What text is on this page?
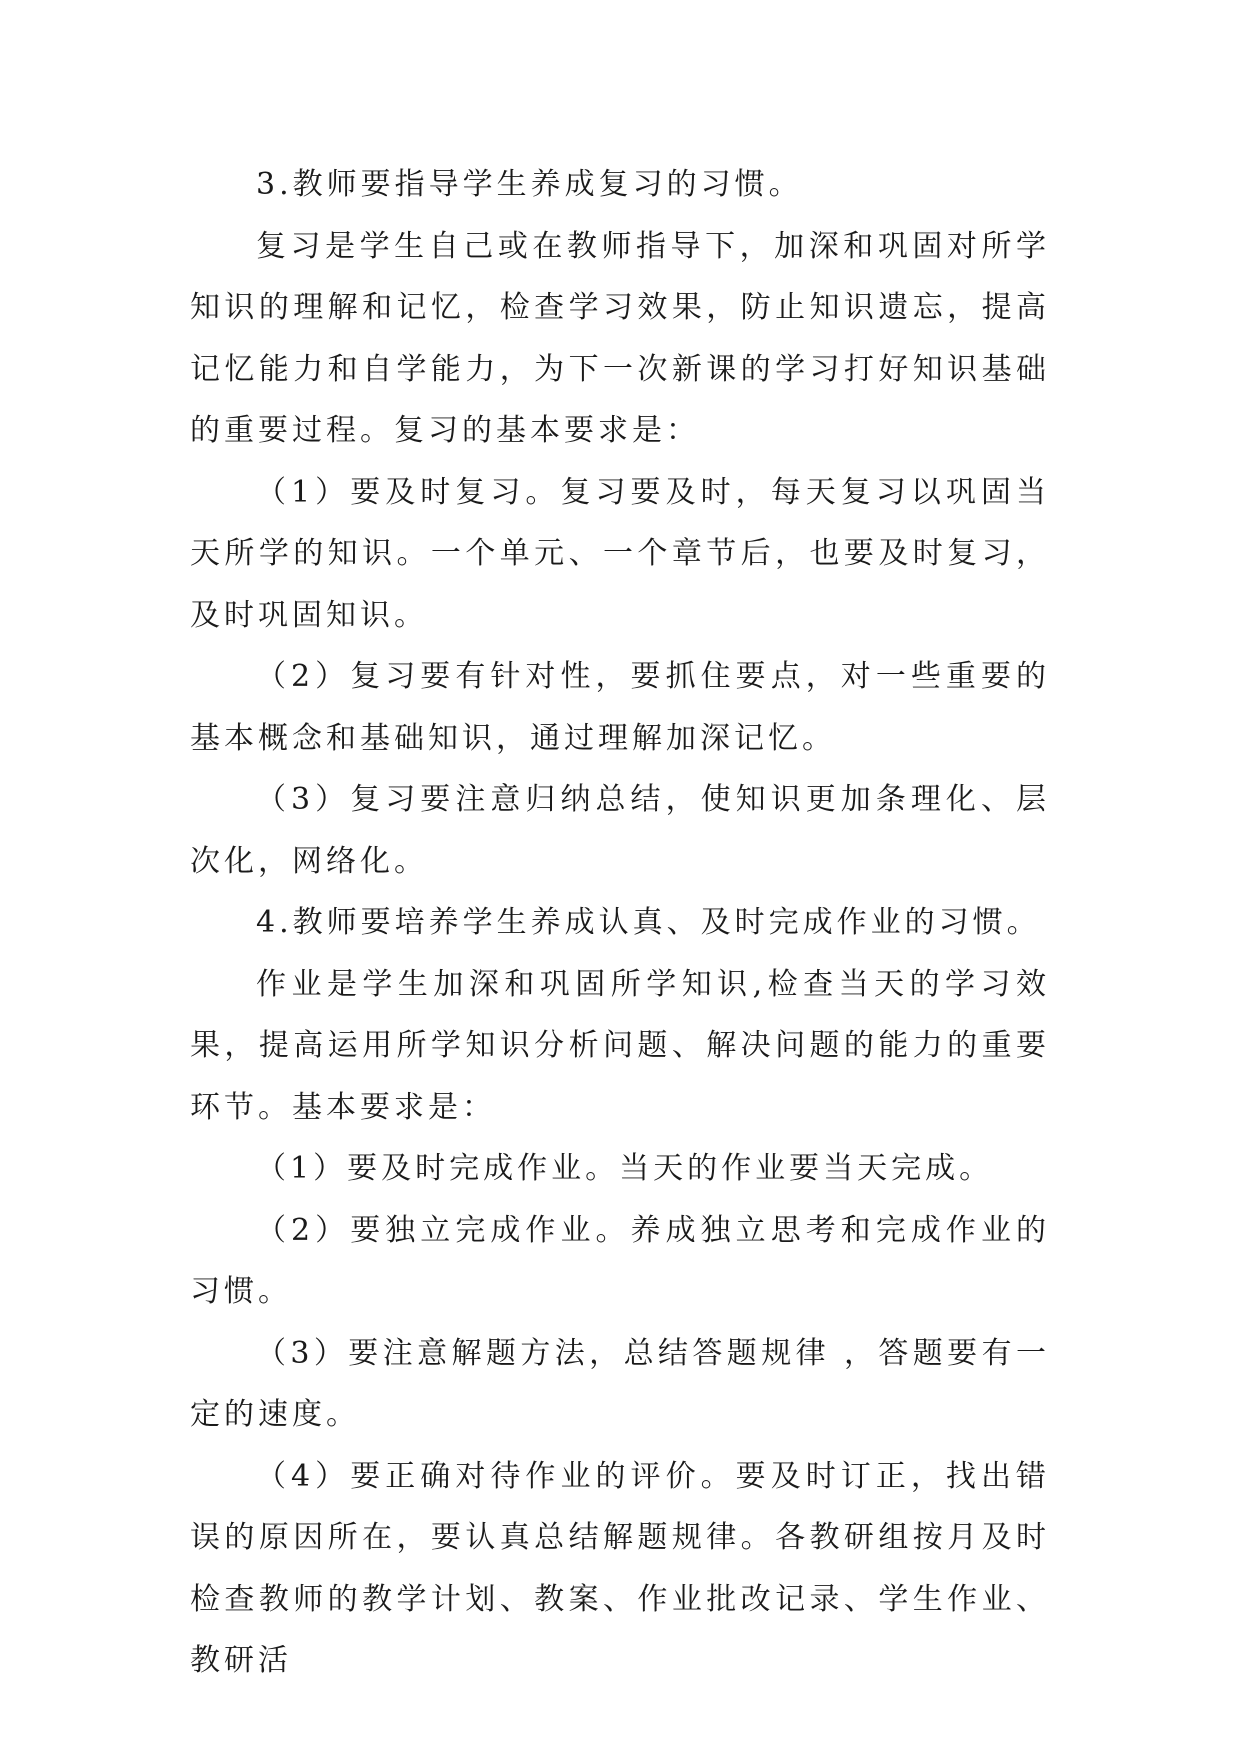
3.教师要指导学生养成复习的习惯。

复习是学生自己或在教师指导下，加深和巩固对所学知识的理解和记忆，检查学习效果，防止知识遗忘，提高记忆能力和自学能力，为下一次新课的学习打好知识基础的重要过程。复习的基本要求是：

（1）要及时复习。复习要及时，每天复习以巩固当天所学的知识。一个单元、一个章节后，也要及时复习，及时巩固知识。

（2）复习要有针对性，要抓住要点，对一些重要的基本概念和基础知识，通过理解加深记忆。

（3）复习要注意归纳总结，使知识更加条理化、层次化，网络化。

4.教师要培养学生养成认真、及时完成作业的习惯。

作业是学生加深和巩固所学知识,检查当天的学习效果，提高运用所学知识分析问题、解决问题的能力的重要环节。基本要求是：

（1）要及时完成作业。当天的作业要当天完成。

（2）要独立完成作业。养成独立思考和完成作业的习惯。

（3）要注意解题方法，总结答题规律 ，答题要有一定的速度。

（4）要正确对待作业的评价。要及时订正，找出错误的原因所在，要认真总结解题规律。各教研组按月及时检查教师的教学计划、教案、作业批改记录、学生作业、教研活
